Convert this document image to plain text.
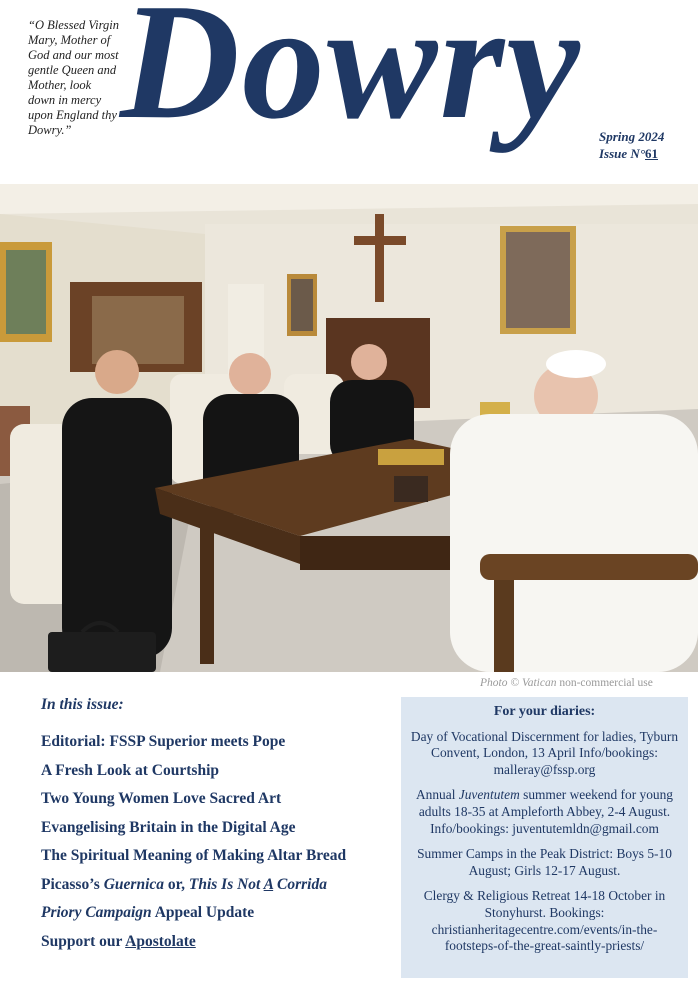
“O Blessed Virgin Mary, Mother of God and our most gentle Queen and Mother, look down in mercy upon England thy Dowry.” Dowry Spring 2024
Issue N°61
Photo © Vatican non-commercial use
In this issue:
Editorial: FSSP Superior meets Pope
A Fresh Look at Courtship
Two Young Women Love Sacred Art
Evangelising Britain in the Digital Age
The Spiritual Meaning of Making Altar Bread
Picasso’s Guernica or, This Is Not A Corrida
Priory Campaign Appeal Update
Support our Apostolate
For your diaries:
Day of Vocational Discernment for ladies, Tyburn Convent, London, 13 April Info/bookings: malleray@fssp.org
Annual Juventutem summer weekend for young adults 18-35 at Ampleforth Abbey, 2-4 August. Info/bookings: juventutemldn@gmail.com
Summer Camps in the Peak District: Boys 5-10 August; Girls 12-17 August.
Clergy & Religious Retreat 14-18 October in Stonyhurst. Bookings: christianheritagecentre.com/events/in-the-footsteps-of-the-great-saintly-priests/
